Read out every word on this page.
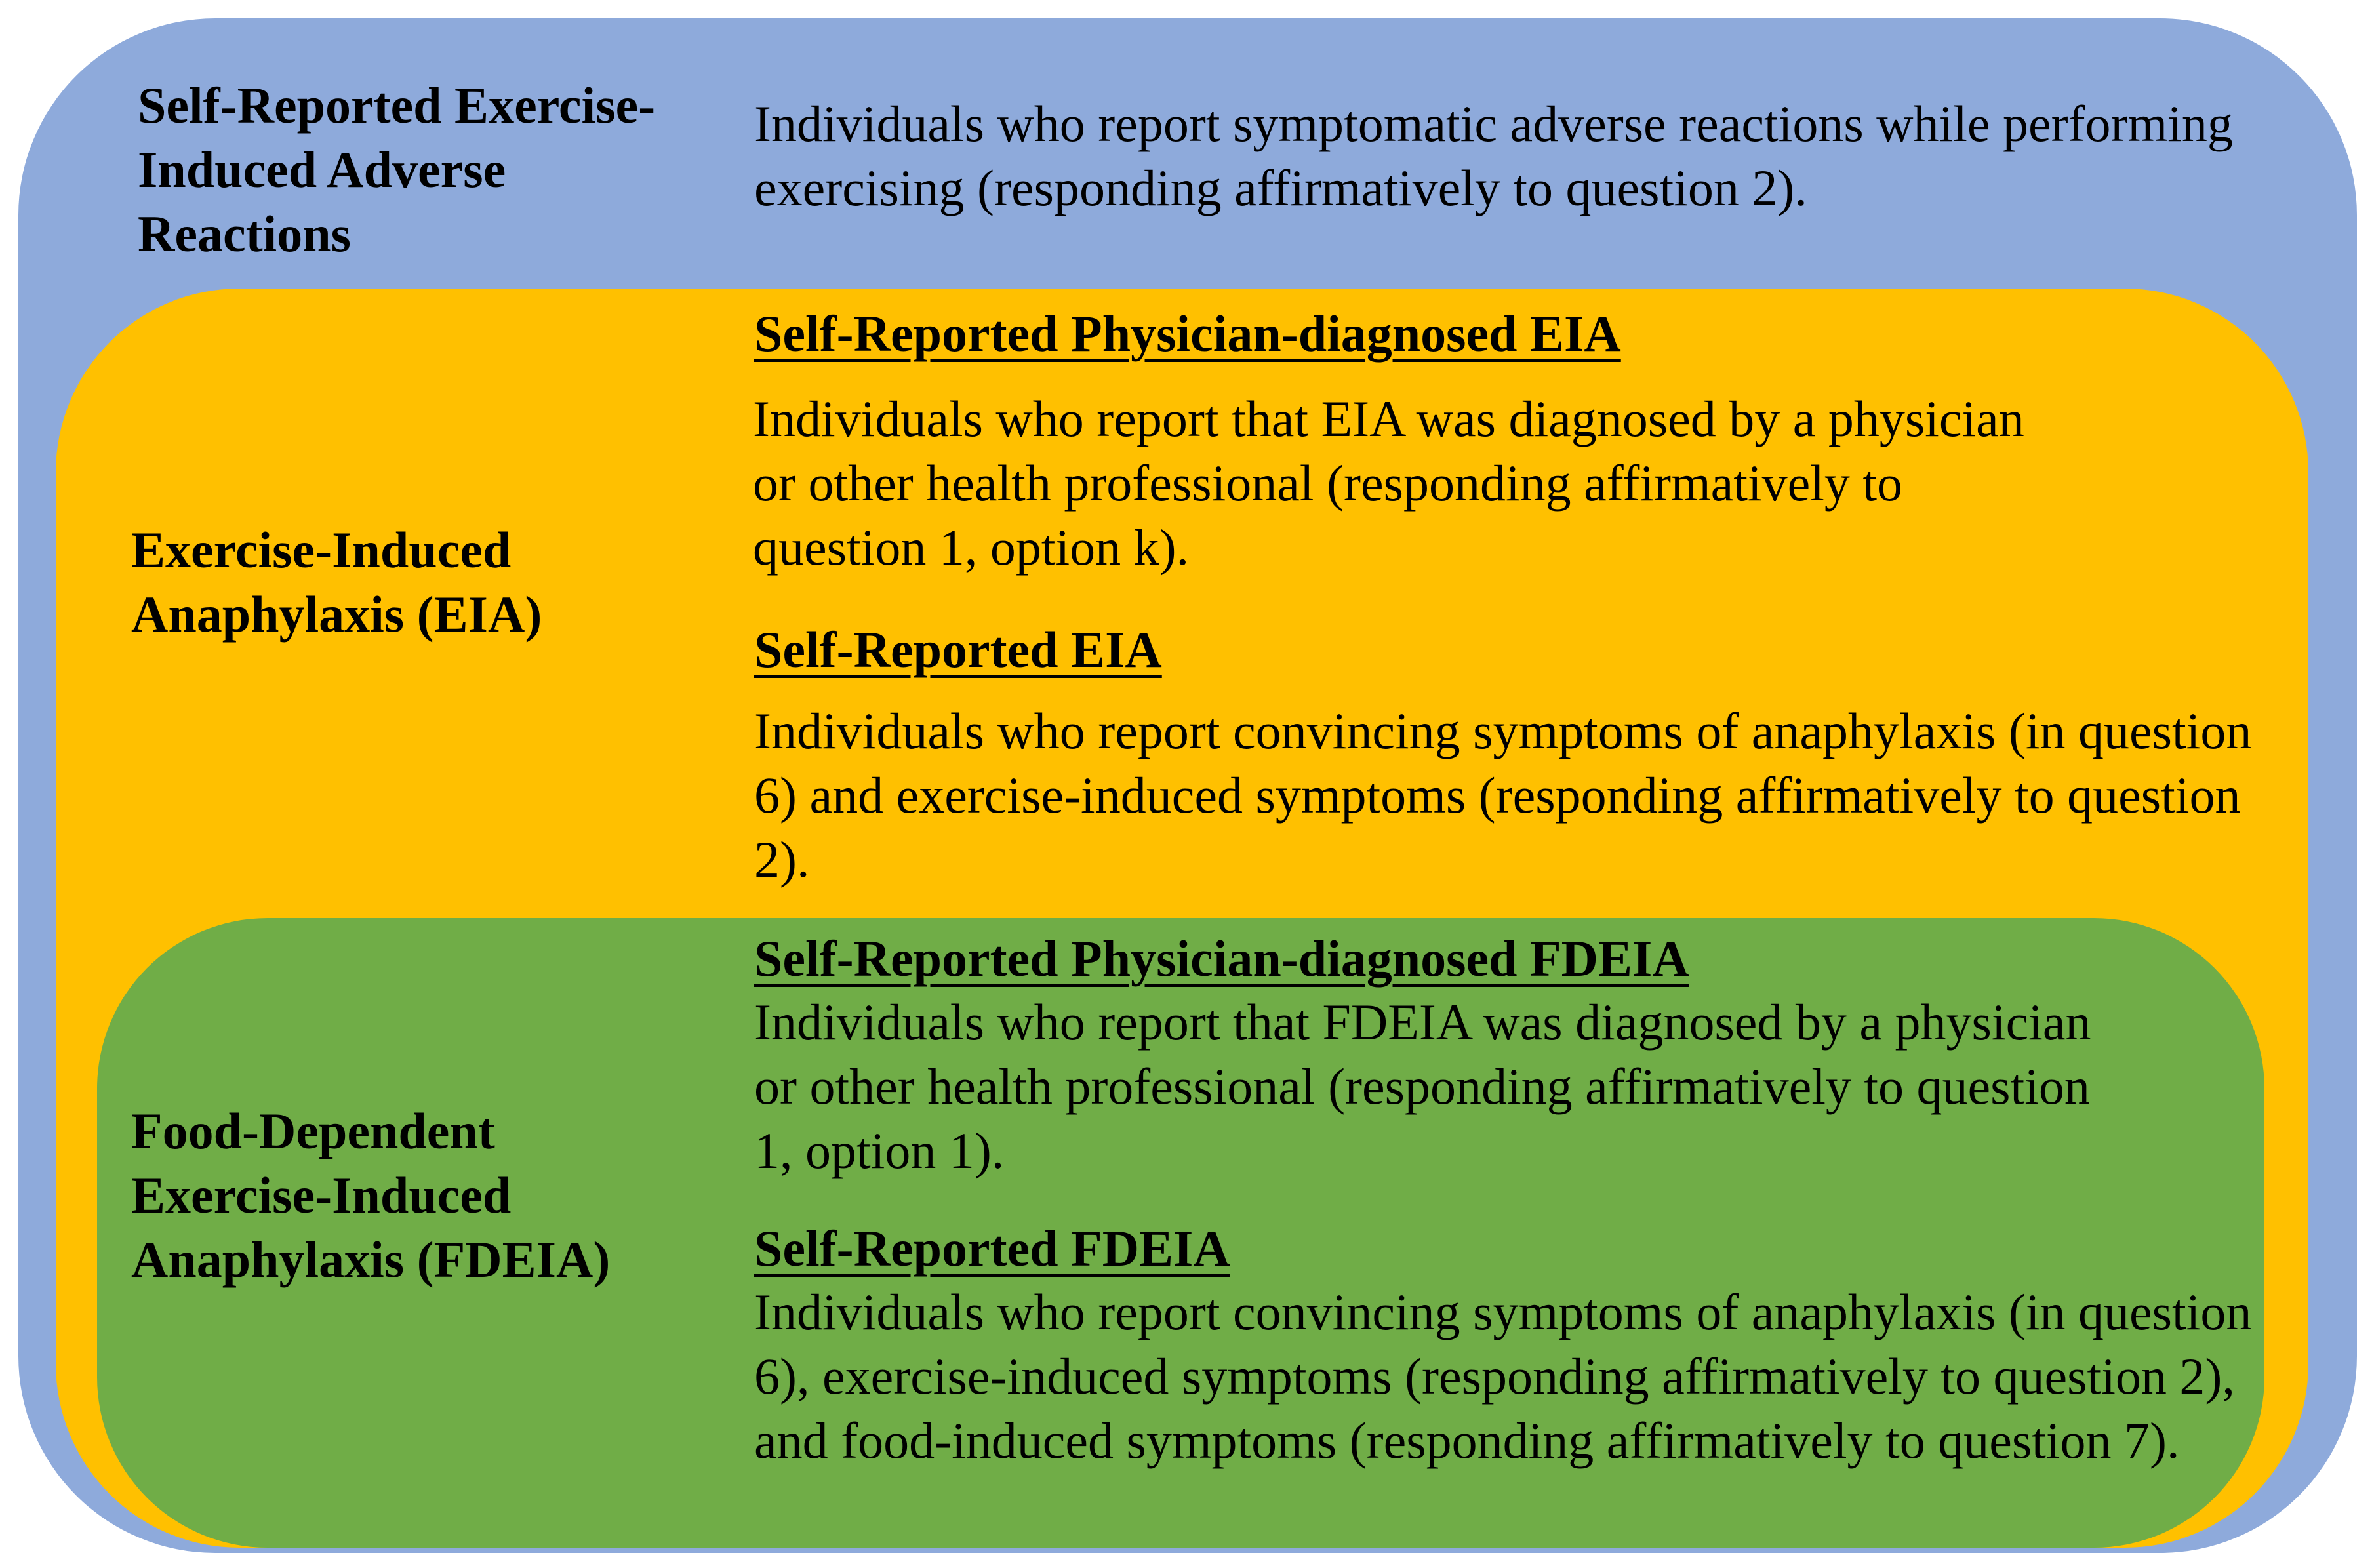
Self-Reported Exercise-Induced Adverse Reactions

Individuals who report symptomatic adverse reactions while performing exercising (responding affirmatively to question 2).

Exercise-Induced Anaphylaxis (EIA)

Self-Reported Physician-diagnosed EIA

Individuals who report that EIA was diagnosed by a physician or other health professional (responding affirmatively to question 1, option k).

Self-Reported EIA

Individuals who report convincing symptoms of anaphylaxis (in question 6) and exercise-induced symptoms (responding affirmatively to question 2).

Food-Dependent Exercise-Induced Anaphylaxis (FDEIA)

Self-Reported Physician-diagnosed FDEIA

Individuals who report that FDEIA was diagnosed by a physician or other health professional (responding affirmatively to question 1, option 1).

Self-Reported FDEIA

Individuals who report convincing symptoms of anaphylaxis (in question 6), exercise-induced symptoms (responding affirmatively to question 2), and food-induced symptoms (responding affirmatively to question 7).
